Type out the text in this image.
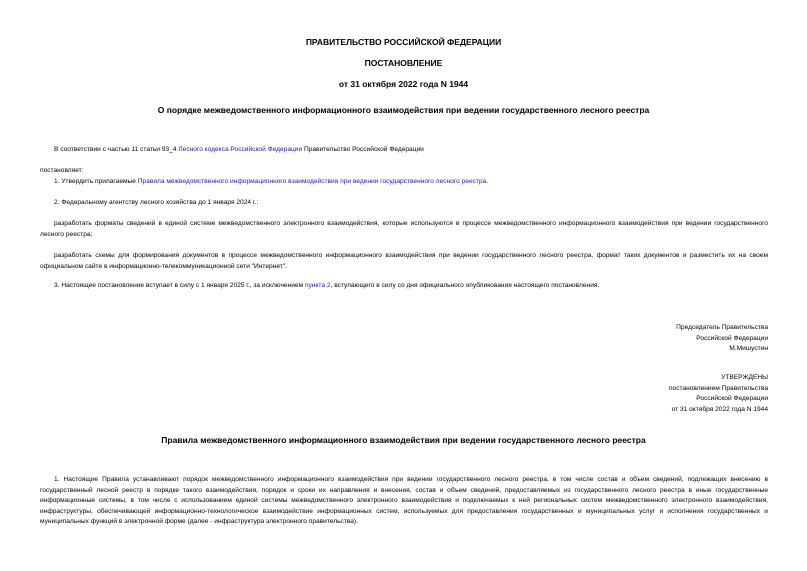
ПРАВИТЕЛЬСТВО РОССИЙСКОЙ ФЕДЕРАЦИИ
ПОСТАНОВЛЕНИЕ
от 31 октября 2022 года N 1944
О порядке межведомственного информационного взаимодействия при ведении государственного лесного реестра
В соответствии с частью 11 статьи 93_4 Лесного кодекса Российской Федерации Правительство Российской Федерации
постановляет:
1. Утвердить прилагаемые Правила межведомственного информационного взаимодействия при ведении государственного лесного реестра.
2. Федеральному агентству лесного хозяйства до 1 января 2024 г.:
разработать форматы сведений в единой системе межведомственного электронного взаимодействия, которые используются в процессе межведомственного информационного взаимодействия при ведении государственного лесного реестра;
разработать схемы для формирования документов в процессе межведомственного информационного взаимодействия при ведении государственного лесного реестра, формат таких документов и разместить их на своем официальном сайте в информационно-телекоммуникационной сети "Интернет".
3. Настоящее постановление вступает в силу с 1 января 2025 г., за исключением пункта 2, вступающего в силу со дня официального опубликования настоящего постановления.
Председатель Правительства
Российской Федерации
М.Мишустин
УТВЕРЖДЕНЫ
постановлением Правительства
Российской Федерации
от 31 октября 2022 года N 1944
Правила межведомственного информационного взаимодействия при ведении государственного лесного реестра
1. Настоящие Правила устанавливают порядок межведомственного информационного взаимодействия при ведении государственного лесного реестра, в том числе состав и объем сведений, подлежащих внесению в государственный лесной реестр в порядке такого взаимодействия, порядок и сроки их направления и внесения, состав и объем сведений, предоставляемых из государственного лесного реестра в иные государственные информационные системы, в том числе с использованием единой системы межведомственного электронного взаимодействия и подключаемых к ней региональных систем межведомственного электронного взаимодействия, инфраструктуры, обеспечивающей информационно-технологическое взаимодействие информационных систем, используемых для предоставления государственных и муниципальных услуг и исполнения государственных и муниципальных функций в электронной форме (далее - инфраструктура электронного правительства).
